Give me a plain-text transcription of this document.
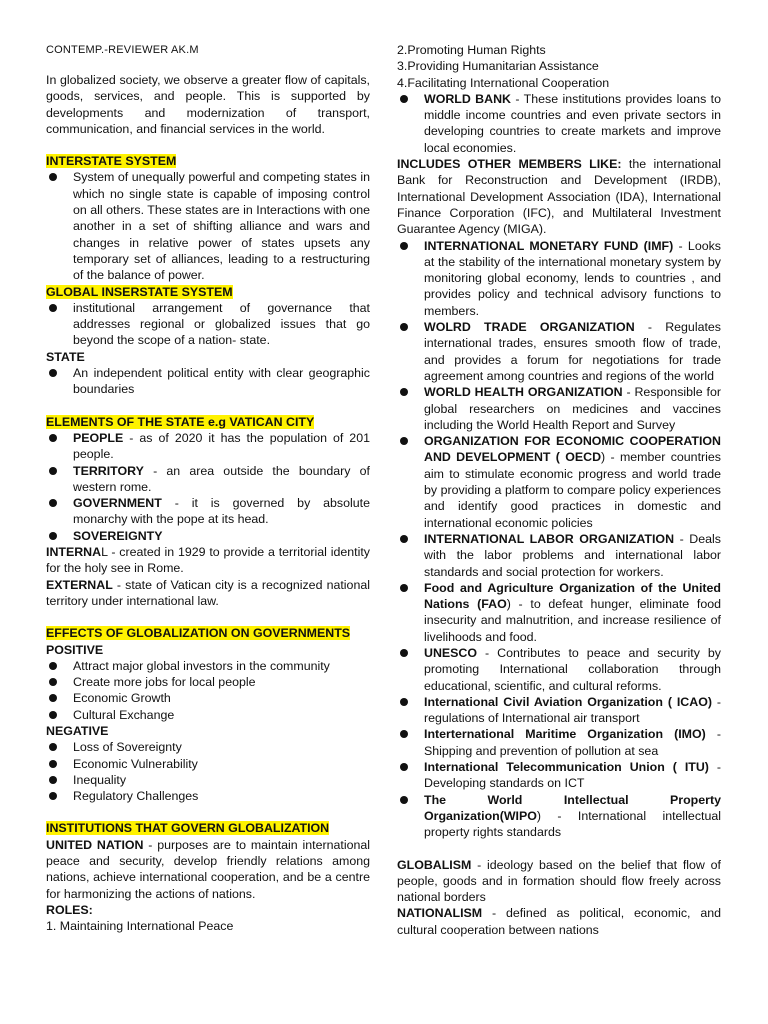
CONTEMP.-REVIEWER AK.M

In globalized society, we observe a greater flow of capitals, goods, services, and people. This is supported by developments and modernization of transport, communication, and financial services in the world.

INTERSTATE SYSTEM
System of unequally powerful and competing states in which no single state is capable of imposing control on all others. These states are in Interactions with one another in a set of shifting alliance and wars and changes in relative power of states upsets any temporary set of alliances, leading to a restructuring of the balance of power.
GLOBAL INSERSTATE SYSTEM
institutional arrangement of governance that addresses regional or globalized issues that go beyond the scope of a nation- state.
STATE
An independent political entity with clear geographic boundaries
ELEMENTS OF THE STATE e.g VATICAN CITY
PEOPLE - as of 2020 it has the population of 201 people.
TERRITORY - an area outside the boundary of western rome.
GOVERNMENT - it is governed by absolute monarchy with the pope at its head.
SOVEREIGNTY

INTERNAL - created in 1929 to provide a territorial identity for the holy see in Rome.

EXTERNAL - state of Vatican city is a recognized national territory under international law.

EFFECTS OF GLOBALIZATION ON GOVERNMENTS
POSITIVE
Attract major global investors in the community
Create more jobs for local people
Economic Growth
Cultural Exchange
NEGATIVE
Loss of Sovereignty
Economic Vulnerability
Inequality
Regulatory Challenges
INSTITUTIONS THAT GOVERN GLOBALIZATION

UNITED NATION - purposes are to maintain international peace and security, develop friendly relations among nations, achieve international cooperation, and be a centre for harmonizing the actions of nations.

ROLES:
1. Maintaining International Peace
2.Promoting Human Rights
3.Providing Humanitarian Assistance
4.Facilitating International Cooperation
WORLD BANK - These institutions provides loans to middle income countries and even private sectors in developing countries to create markets and improve local economies.

INCLUDES OTHER MEMBERS LIKE: the international Bank for Reconstruction and Development (IRDB), International Development Association (IDA), International Finance Corporation (IFC), and Multilateral Investment Guarantee Agency (MIGA).

INTERNATIONAL MONETARY FUND (IMF) - Looks at the stability of the international monetary system by monitoring global economy, lends to countries , and provides policy and technical advisory functions to members.
WOLRD TRADE ORGANIZATION - Regulates international trades, ensures smooth flow of trade, and provides a forum for negotiations for trade agreement among countries and regions of the world
WORLD HEALTH ORGANIZATION - Responsible for global researchers on medicines and vaccines including the World Health Report and Survey
ORGANIZATION FOR ECONOMIC COOPERATION AND DEVELOPMENT ( OECD) - member countries aim to stimulate economic progress and world trade by providing a platform to compare policy experiences and identify good practices in domestic and international economic policies
INTERNATIONAL LABOR ORGANIZATION - Deals with the labor problems and international labor standards and social protection for workers.
Food and Agriculture Organization of the United Nations (FAO) - to defeat hunger, eliminate food insecurity and malnutrition, and increase resilience of livelihoods and food.
UNESCO - Contributes to peace and security by promoting International collaboration through educational, scientific, and cultural reforms.
International Civil Aviation Organization ( ICAO) - regulations of International air transport
Interternational Maritime Organization (IMO) - Shipping and prevention of pollution at sea
International Telecommunication Union ( ITU) - Developing standards on ICT
The World Intellectual Property Organization(WIPO) - International intellectual property rights standards

GLOBALISM - ideology based on the belief that flow of people, goods and in formation should flow freely across national borders

NATIONALISM - defined as political, economic, and cultural cooperation between nations
